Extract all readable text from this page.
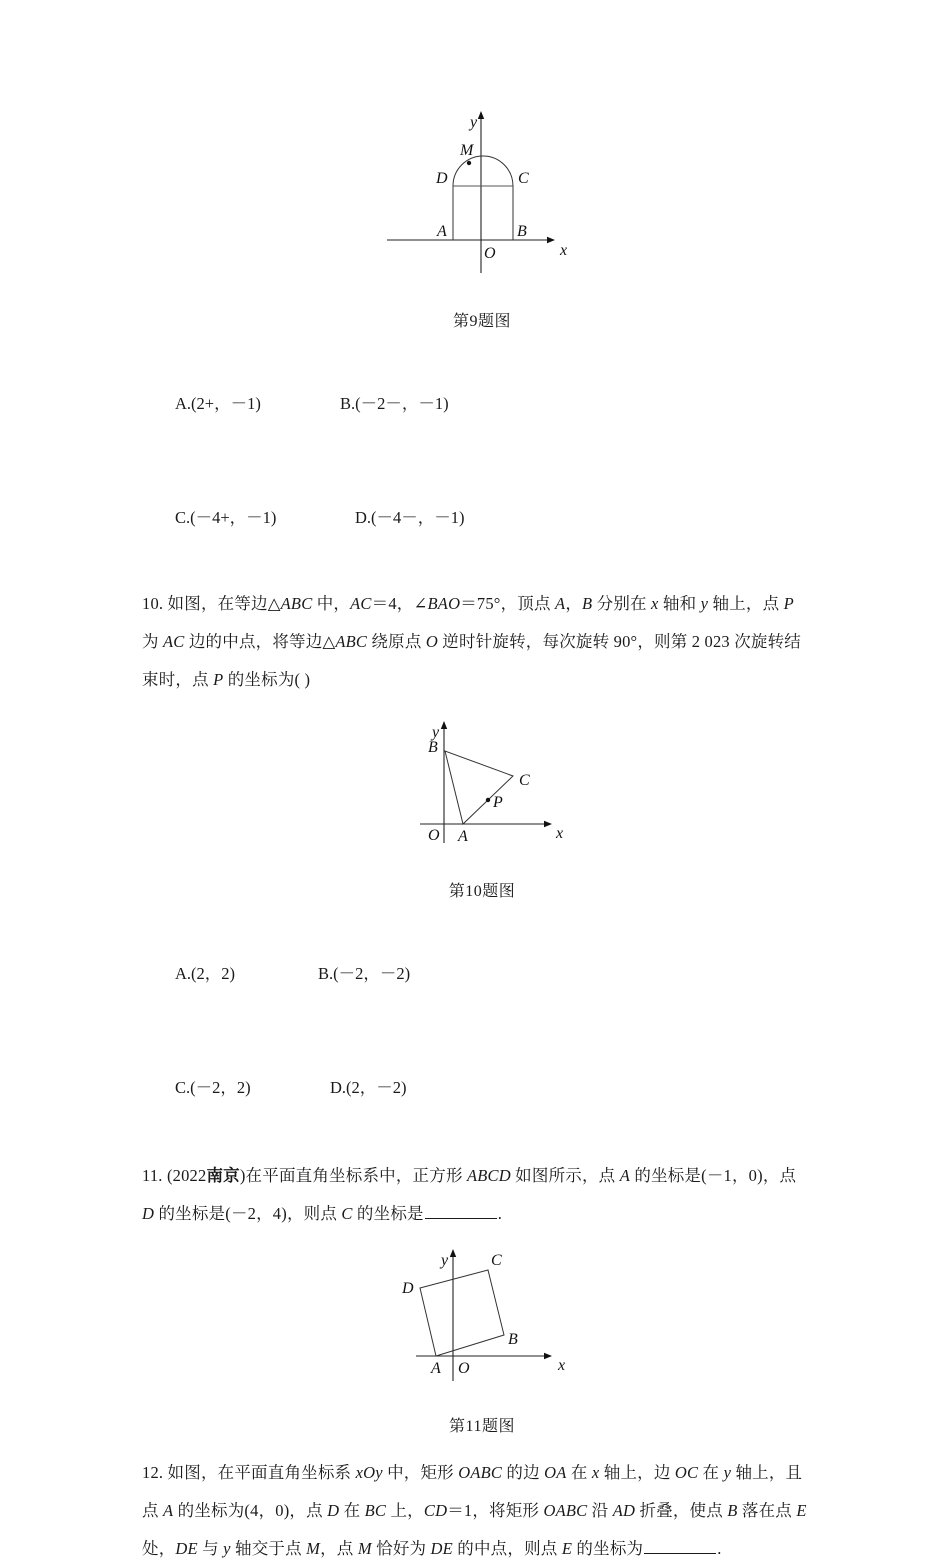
y
x
O
A	B
C
D
M
第9题图

A.(2+，－1)	B.(－2－，－1)

C.(－4+，－1)	D.(－4－，－1)

10. 如图，在等边△ABC 中，AC＝4，∠BAO＝75°，顶点 A，B 分别在 x 轴和 y 轴上，点 P
为 AC 边的中点，将等边△ABC 绕原点 O 逆时针旋转，每次旋转 90°，则第 2 023 次旋转结
束时，点 P 的坐标为( )
y
x
O A
B
C
P
第10题图

A.(2，2)	B.(－2，－2)

C.(－2，2)	D.(2，－2)

11. (2022南京)在平面直角坐标系中，正方形 ABCD 如图所示，点 A 的坐标是(－1，0)，点
D 的坐标是(－2，4)，则点 C 的坐标是	.
y
x
O
A
B
C
D
第11题图
12. 如图，在平面直角坐标系 xOy 中，矩形 OABC 的边 OA 在 x 轴上，边 OC 在 y 轴上，且
点 A 的坐标为(4，0)，点 D 在 BC 上，CD＝1，将矩形 OABC 沿 AD 折叠，使点 B 落在点 E
处，DE 与 y 轴交于点 M，点 M 恰好为 DE 的中点，则点 E 的坐标为	.
